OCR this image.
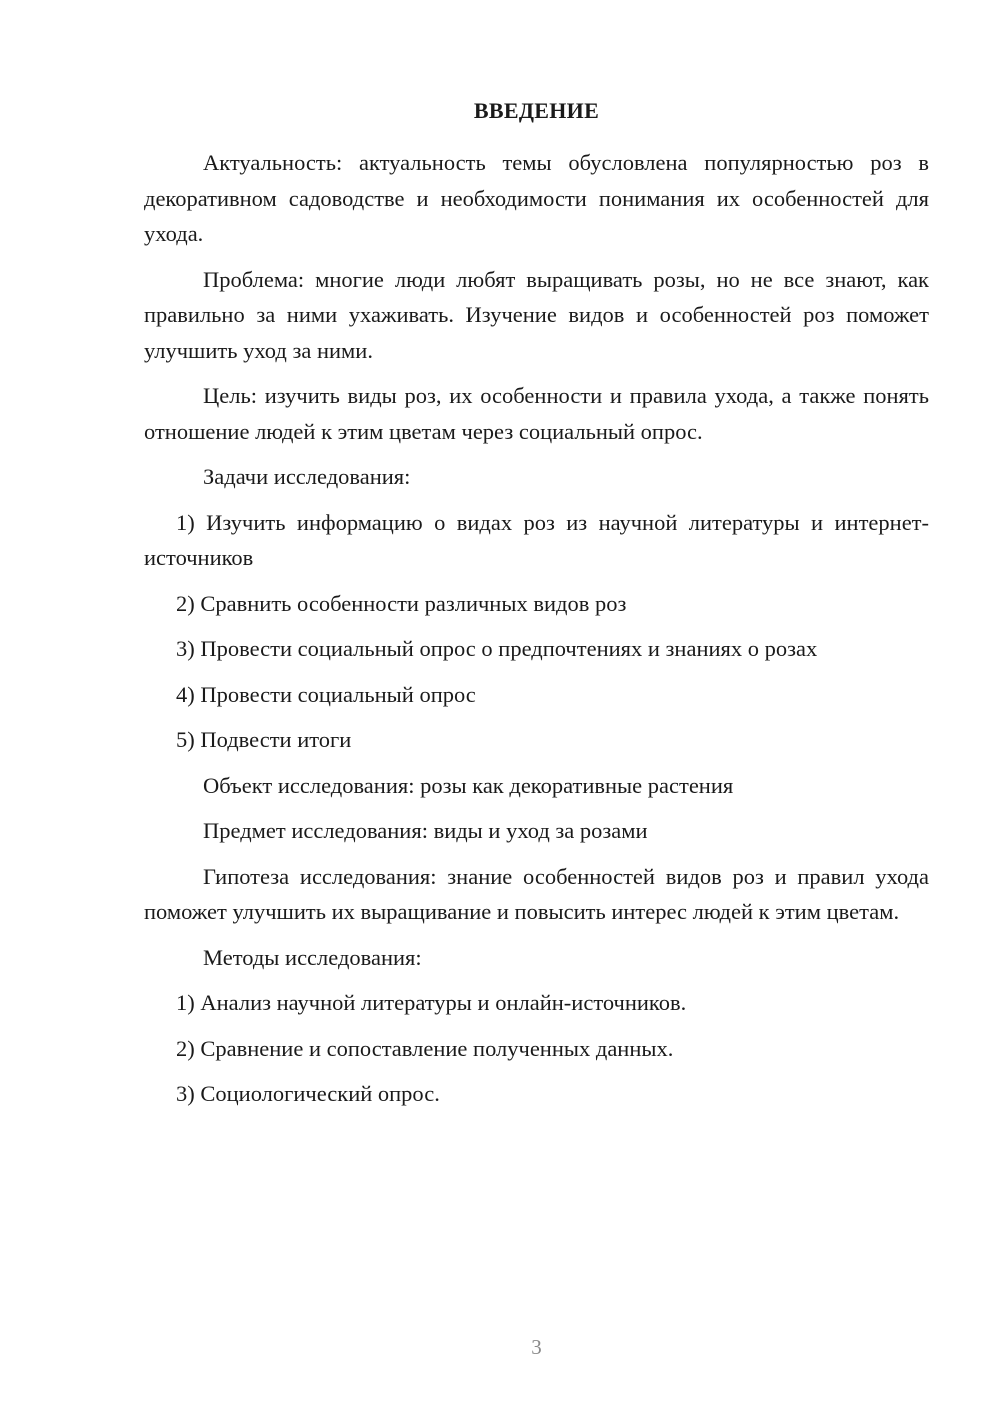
ВВЕДЕНИЕ

Актуальность: актуальность темы обусловлена популярностью роз в декоративном садоводстве и необходимости понимания их особенностей для ухода.

Проблема: многие люди любят выращивать розы, но не все знают, как правильно за ними ухаживать. Изучение видов и особенностей роз поможет улучшить уход за ними.

Цель: изучить виды роз, их особенности и правила ухода, а также понять отношение людей к этим цветам через социальный опрос.

Задачи исследования:

1) Изучить информацию о видах роз из научной литературы и интернет-источников

2) Сравнить особенности различных видов роз

3) Провести социальный опрос о предпочтениях и знаниях о розах

4) Провести социальный опрос

5) Подвести итоги

Объект исследования: розы как декоративные растения

Предмет исследования: виды и уход за розами

Гипотеза исследования: знание особенностей видов роз и правил ухода поможет улучшить их выращивание и повысить интерес людей к этим цветам.

Методы исследования:

1) Анализ научной литературы и онлайн-источников.

2) Сравнение и сопоставление полученных данных.

3) Социологический опрос.

3
